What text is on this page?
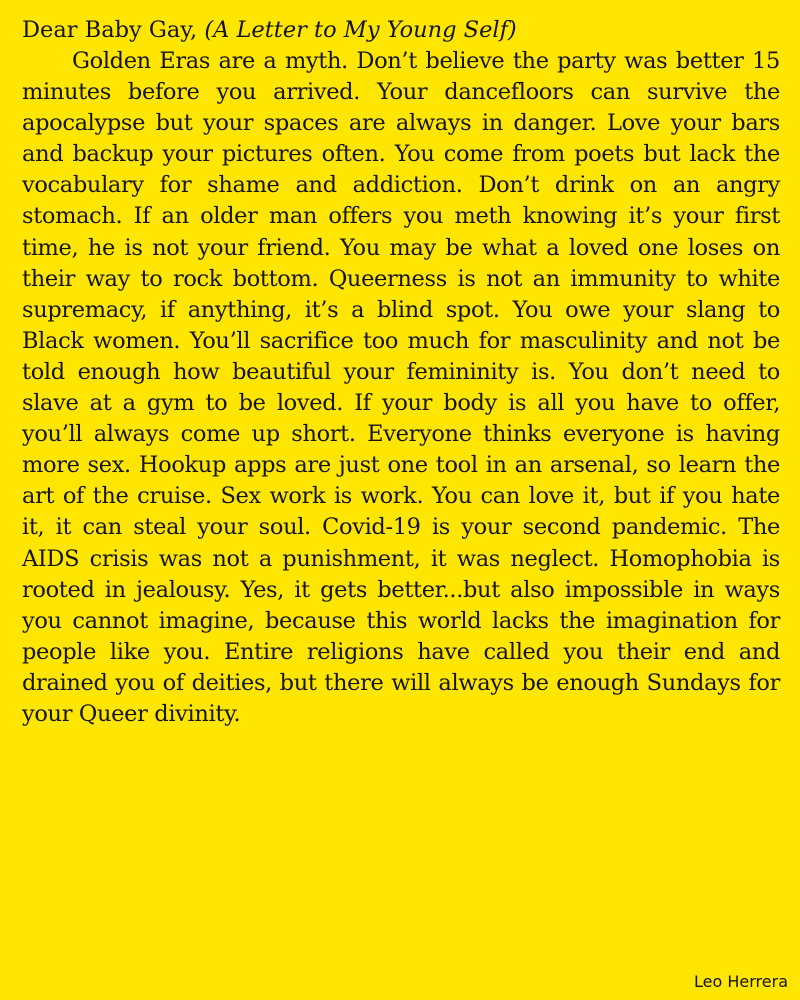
Dear Baby Gay, (A Letter to My Young Self)

Golden Eras are a myth. Don’t believe the party was better 15 minutes before you arrived. Your dancefloors can survive the apocalypse but your spaces are always in danger. Love your bars and backup your pictures often. You come from poets but lack the vocabulary for shame and addiction. Don’t drink on an angry stomach. If an older man offers you meth knowing it’s your first time, he is not your friend. You may be what a loved one loses on their way to rock bottom. Queerness is not an immunity to white supremacy, if anything, it’s a blind spot. You owe your slang to Black women. You’ll sacrifice too much for masculinity and not be told enough how beautiful your femininity is. You don’t need to slave at a gym to be loved. If your body is all you have to offer, you’ll always come up short. Everyone thinks everyone is having more sex. Hookup apps are just one tool in an arsenal, so learn the art of the cruise. Sex work is work. You can love it, but if you hate it, it can steal your soul. Covid-19 is your second pandemic. The AIDS crisis was not a punishment, it was neglect. Homophobia is rooted in jealousy. Yes, it gets better...but also impossible in ways you cannot imagine, because this world lacks the imagination for people like you. Entire religions have called you their end and drained you of deities, but there will always be enough Sundays for your Queer divinity.

Leo Herrera
